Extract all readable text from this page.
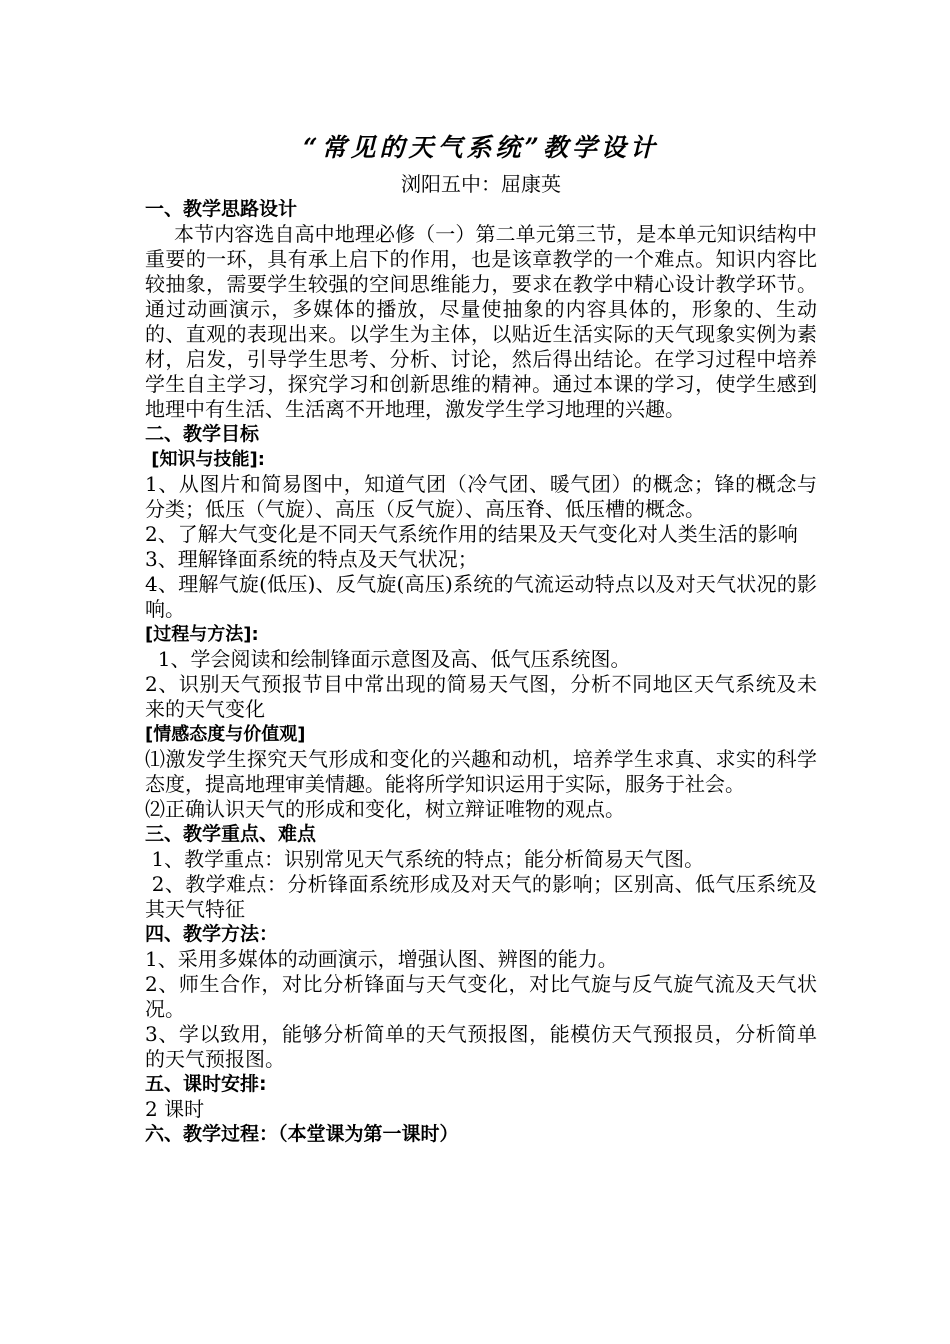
“常见的天气系统”教学设计
浏阳五中：屈康英
一、教学思路设计
本节内容选自高中地理必修（一）第二单元第三节，是本单元知识结构中重要的一环，具有承上启下的作用，也是该章教学的一个难点。知识内容比较抽象，需要学生较强的空间思维能力，要求在教学中精心设计教学环节。通过动画演示，多媒体的播放，尽量使抽象的内容具体的，形象的、生动的、直观的表现出来。以学生为主体，以贴近生活实际的天气现象实例为素材，启发，引导学生思考、分析、讨论，然后得出结论。在学习过程中培养学生自主学习，探究学习和创新思维的精神。通过本课的学习，使学生感到地理中有生活、生活离不开地理，激发学生学习地理的兴趣。
二、教学目标
[知识与技能]:
1、从图片和简易图中，知道气团（冷气团、暖气团）的概念；锋的概念与分类；低压（气旋）、高压（反气旋）、高压脊、低压槽的概念。
2、了解大气变化是不同天气系统作用的结果及天气变化对人类生活的影响
3、理解锋面系统的特点及天气状况；
4、理解气旋(低压)、反气旋(高压)系统的气流运动特点以及对天气状况的影响。
[过程与方法]:
1、学会阅读和绘制锋面示意图及高、低气压系统图。
2、识别天气预报节目中常出现的简易天气图，分析不同地区天气系统及未来的天气变化
[情感态度与价值观]
⑴激发学生探究天气形成和变化的兴趣和动机，培养学生求真、求实的科学态度，提高地理审美情趣。能将所学知识运用于实际，服务于社会。
⑵正确认识天气的形成和变化，树立辩证唯物的观点。
三、教学重点、难点
1、教学重点：识别常见天气系统的特点；能分析简易天气图。
2、教学难点：分析锋面系统形成及对天气的影响；区别高、低气压系统及其天气特征
四、教学方法：
1、采用多媒体的动画演示，增强认图、辨图的能力。
2、师生合作，对比分析锋面与天气变化，对比气旋与反气旋气流及天气状况。
3、学以致用，能够分析简单的天气预报图，能模仿天气预报员，分析简单的天气预报图。
五、课时安排:
2 课时
六、教学过程：（本堂课为第一课时）
